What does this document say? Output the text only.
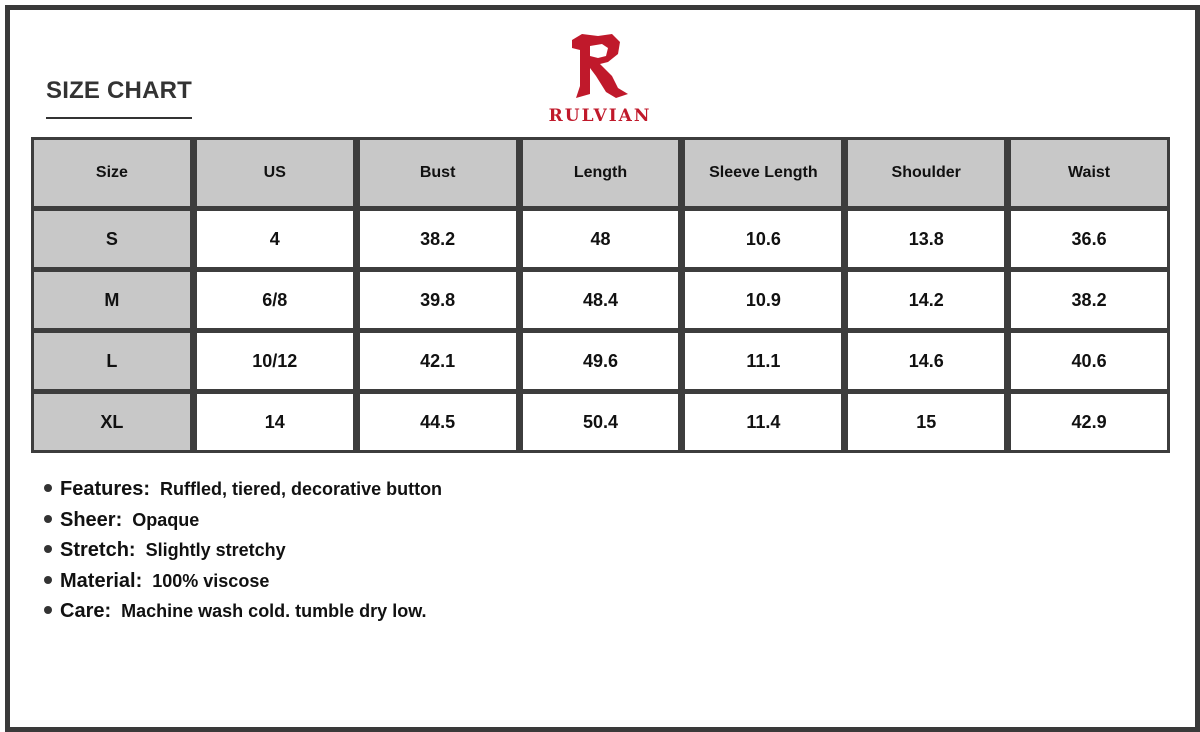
SIZE CHART
RULVIAN
Size	US	Bust	Length	Sleeve Length	Shoulder	Waist
S	4	38.2	48	10.6	13.8	36.6
M	6/8	39.8	48.4	10.9	14.2	38.2
L	10/12	42.1	49.6	11.1	14.6	40.6
XL	14	44.5	50.4	11.4	15	42.9
Features: Ruffled, tiered, decorative button
Sheer: Opaque
Stretch: Slightly stretchy
Material: 100% viscose
Care: Machine wash cold. tumble dry low.
